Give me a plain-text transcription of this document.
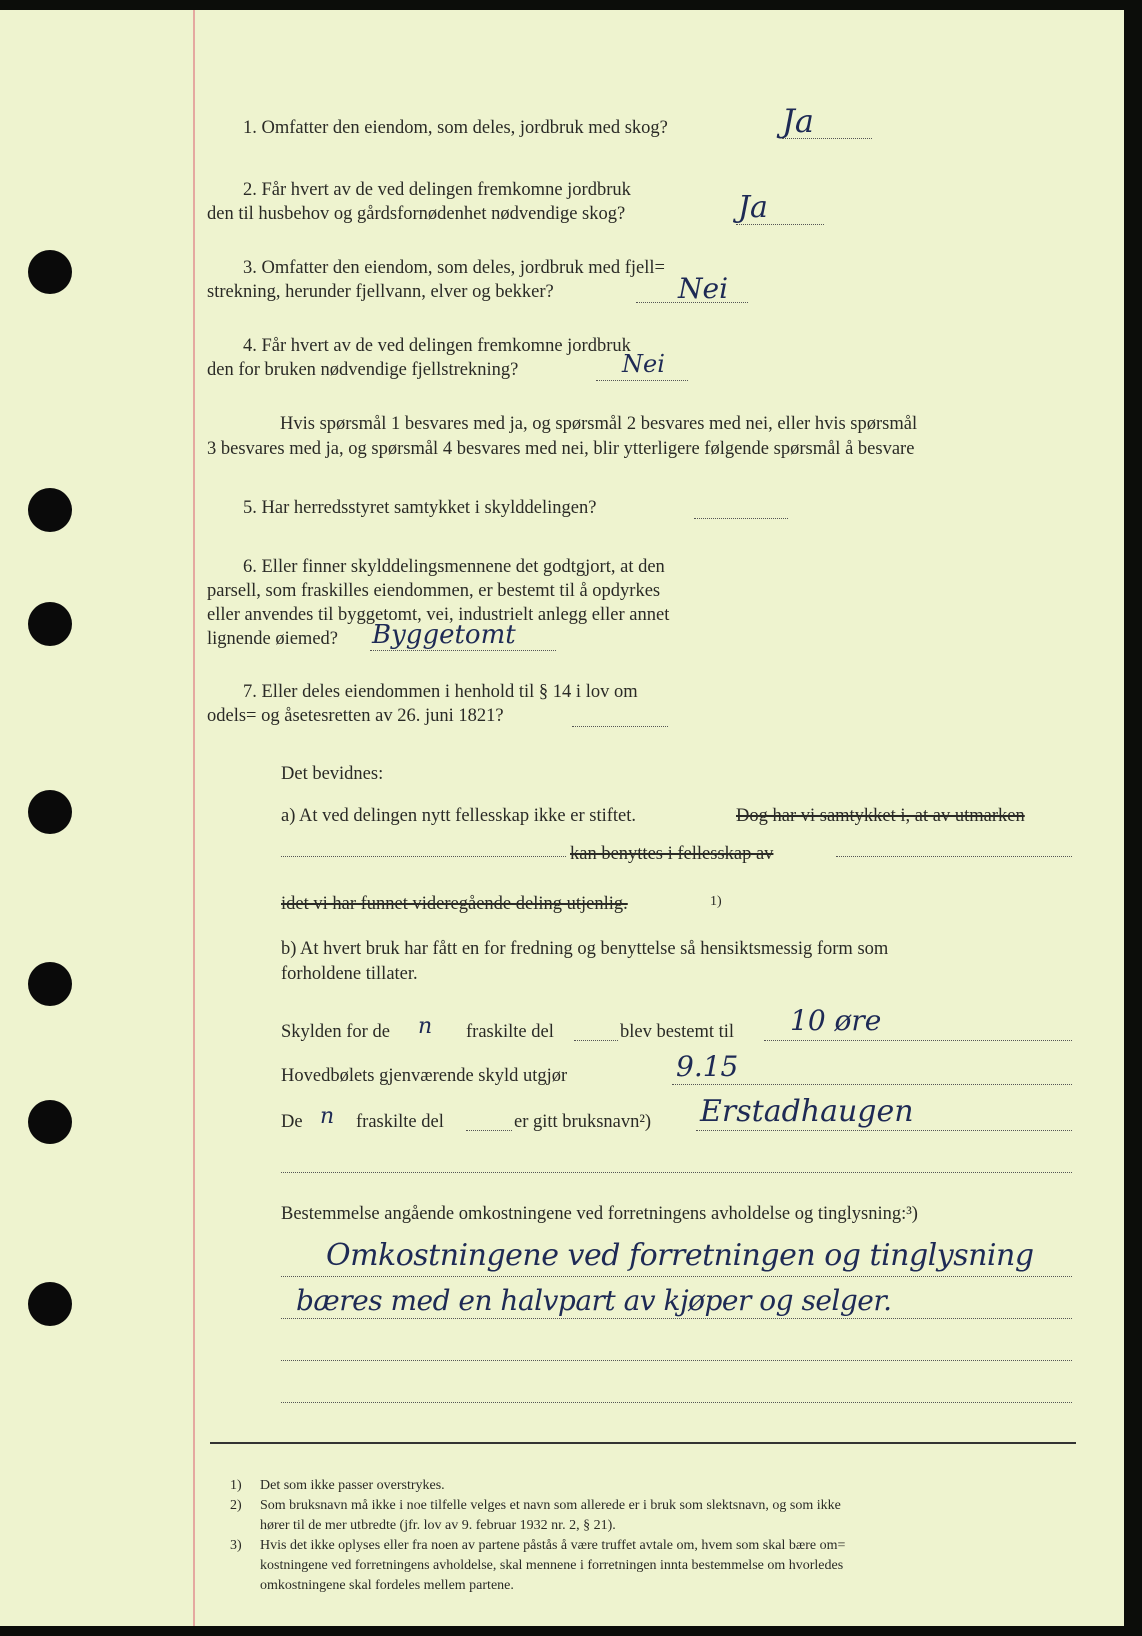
1. Omfatter den eiendom, som deles, jordbruk med skog?	Ja
2. Får hvert av de ved delingen fremkomne jordbruk
den til husbehov og gårdsfornødenhet nødvendige skog?	Ja
3. Omfatter den eiendom, som deles, jordbruk med fjell=
strekning, herunder fjellvann, elver og bekker?	Nei
4. Får hvert av de ved delingen fremkomne jordbruk
den for bruken nødvendige fjellstrekning?	Nei
Hvis spørsmål 1 besvares med ja, og spørsmål 2 besvares med nei, eller hvis spørsmål
3 besvares med ja, og spørsmål 4 besvares med nei, blir ytterligere følgende spørsmål å besvare
5. Har herredsstyret samtykket i skylddelingen?
6. Eller finner skylddelingsmennene det godtgjort, at den
parsell, som fraskilles eiendommen, er bestemt til å opdyrkes
eller anvendes til byggetomt, vei, industrielt anlegg eller annet
lignende øiemed? Byggetomt
7. Eller deles eiendommen i henhold til § 14 i lov om
odels= og åsetesretten av 26. juni 1821?
Det bevidnes:
a) At ved delingen nytt fellesskap ikke er stiftet.	Dog har vi samtykket i, at av utmarken
kan benyttes i fellesskap av
idet vi har funnet videregående deling utjenlig.	1)
b) At hvert bruk har fått en for fredning og benyttelse så hensiktsmessig form som
forholdene tillater.
Skylden for de n fraskilte del	blev bestemt til 10 øre
Hovedbølets gjenværende skyld utgjør	9.15
De n fraskilte del	er gitt bruksnavn²) Erstadhaugen
Bestemmelse angående omkostningene ved forretningens avholdelse og tinglysning:³)
Omkostningene ved forretningen og tinglysning
bæres med en halvpart av kjøper og selger.
1) Det som ikke passer overstrykes.
2) Som bruksnavn må ikke i noe tilfelle velges et navn som allerede er i bruk som slektsnavn, og som ikke
hører til de mer utbredte (jfr. lov av 9. februar 1932 nr. 2, § 21).
3) Hvis det ikke oplyses eller fra noen av partene påstås å være truffet avtale om, hvem som skal bære om=
kostningene ved forretningens avholdelse, skal mennene i forretningen innta bestemmelse om hvorledes
omkostningene skal fordeles mellem partene.
